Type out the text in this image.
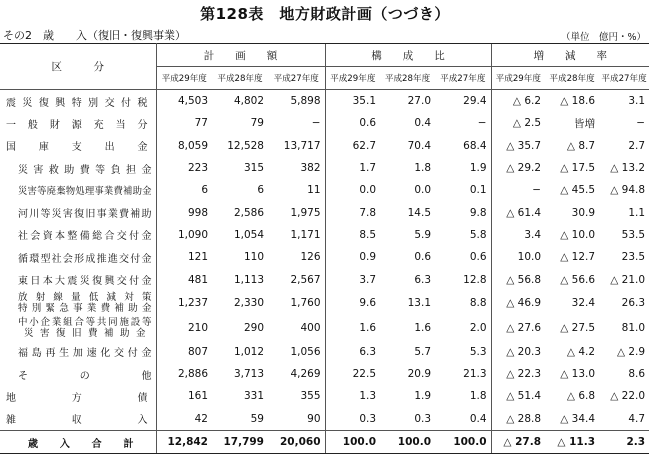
第128表　地方財政計画（つづき）
その2　歳　　入（復旧・復興事業）	（単位　億円・%）
区　　　分	計　　画　　額			構　　成　　比			増　　減　　率		
	平成29年度	平成28年度	平成27年度	平成29年度	平成28年度	平成27年度	平成29年度	平成28年度	平成27年度

震災復興特別交付税	4,503	4,802	5,898	35.1	27.0	29.4	△ 6.2	△ 18.6	3.1

一般財源充当分	77	79	−	0.6	0.4	−	△ 2.5	皆増	−

国庫支出金	8,059	12,528	13,717	62.7	70.4	68.4	△ 35.7	△ 8.7	2.7

災害救助費等負担金	223	315	382	1.7	1.8	1.9	△ 29.2	△ 17.5	△ 13.2

災害等廃棄物処理事業費補助金	6	6	11	0.0	0.0	0.1	−	△ 45.5	△ 94.8

河川等災害復旧事業費補助	998	2,586	1,975	7.8	14.5	9.8	△ 61.4	30.9	1.1

社会資本整備総合交付金	1,090	1,054	1,171	8.5	5.9	5.8	3.4	△ 10.0	53.5

循環型社会形成推進交付金	121	110	126	0.9	0.6	0.6	10.0	△ 12.7	23.5

東日本大震災復興交付金	481	1,113	2,567	3.7	6.3	12.8	△ 56.8	△ 56.6	△ 21.0

放射線量低減対策
特別緊急事業費補助金	1,237	2,330	1,760	9.6	13.1	8.8	△ 46.9	32.4	26.3

中小企業組合等共同施設等
災害復旧費補助金	210	290	400	1.6	1.6	2.0	△ 27.6	△ 27.5	81.0

福島再生加速化交付金	807	1,012	1,056	6.3	5.7	5.3	△ 20.3	△ 4.2	△ 2.9

そ　　の　　他	2,886	3,713	4,269	22.5	20.9	21.3	△ 22.3	△ 13.0	8.6

地　　方　　債	161	331	355	1.3	1.9	1.8	△ 51.4	△ 6.8	△ 22.0

雑　　収　　入	42	59	90	0.3	0.3	0.4	△ 28.8	△ 34.4	4.7

歳 入 合 計	12,842	17,799	20,060	100.0	100.0	100.0	△ 27.8	△ 11.3	2.3
